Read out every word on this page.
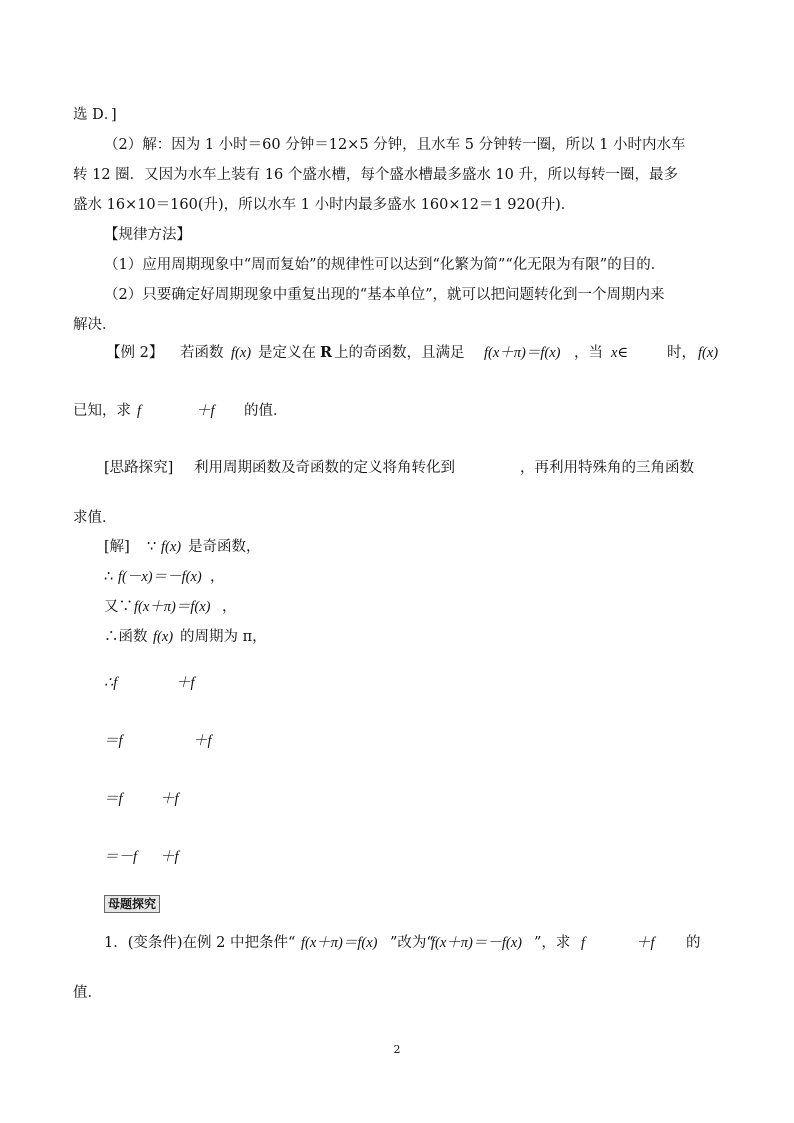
选 D．]
（2）解：因为 1 小时＝60 分钟＝12×5 分钟，且水车 5 分钟转一圈，所以 1 小时内水车
转 12 圈．又因为水车上装有 16 个盛水槽，每个盛水槽最多盛水 10 升，所以每转一圈，最多
盛水 16×10＝160(升)，所以水车 1 小时内最多盛水 160×12＝1 920(升)．
【规律方法】
（1）应用周期现象中“周而复始”的规律性可以达到“化繁为简”“化无限为有限”的目的．
（2）只要确定好周期现象中重复出现的“基本单位”，就可以把问题转化到一个周期内来
解决．
【例 2】 若函数 f(x) 是定义在 R 上的奇函数，且满足 f(x＋π)＝f(x) ，当 x∈	时， f(x)
已知，求 f	＋f 的值．
[思路探究] 利用周期函数及奇函数的定义将角转化到	，再利用特殊角的三角函数
求值．
[解] ∵ f(x) 是奇函数，
∴ f(－x)＝－f(x) ，
又∵ f(x＋π)＝f(x) ，
∴函数 f(x) 的周期为 π，
∴f	＋f
＝f	＋f
＝f	＋f
＝－f ＋f
母题探究
1．(变条件)在例 2 中把条件“ f(x＋π)＝f(x) ”改为“
f(x＋π)＝－f(x) ”，求 f	＋f 的
值．
2
